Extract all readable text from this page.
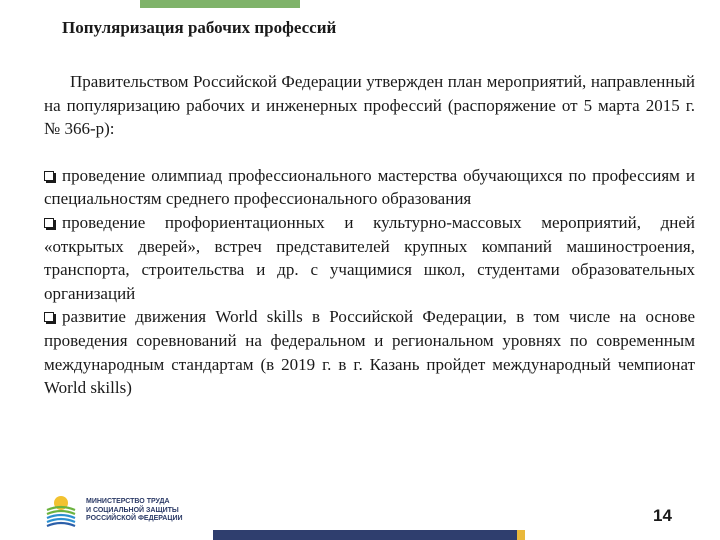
Популяризация рабочих профессий

Правительством Российской Федерации утвержден план мероприятий, направленный на популяризацию рабочих и инженерных профессий (распоряжение от 5 марта 2015 г. № 366-р):

проведение олимпиад профессионального мастерства обучающихся по профессиям и специальностям среднего профессионального образования

проведение профориентационных и культурно-массовых мероприятий, дней «открытых дверей», встреч представителей крупных компаний машиностроения, транспорта, строительства и др. с учащимися школ, студентами образовательных организаций

развитие движения World skills в Российской Федерации, в том числе на основе проведения соревнований на федеральном и региональном уровнях по современным международным стандартам (в 2019 г. в г. Казань пройдет международный чемпионат World skills)

МИНИСТЕРСТВО ТРУДА
И СОЦИАЛЬНОЙ ЗАЩИТЫ
РОССИЙСКОЙ ФЕДЕРАЦИИ	14
